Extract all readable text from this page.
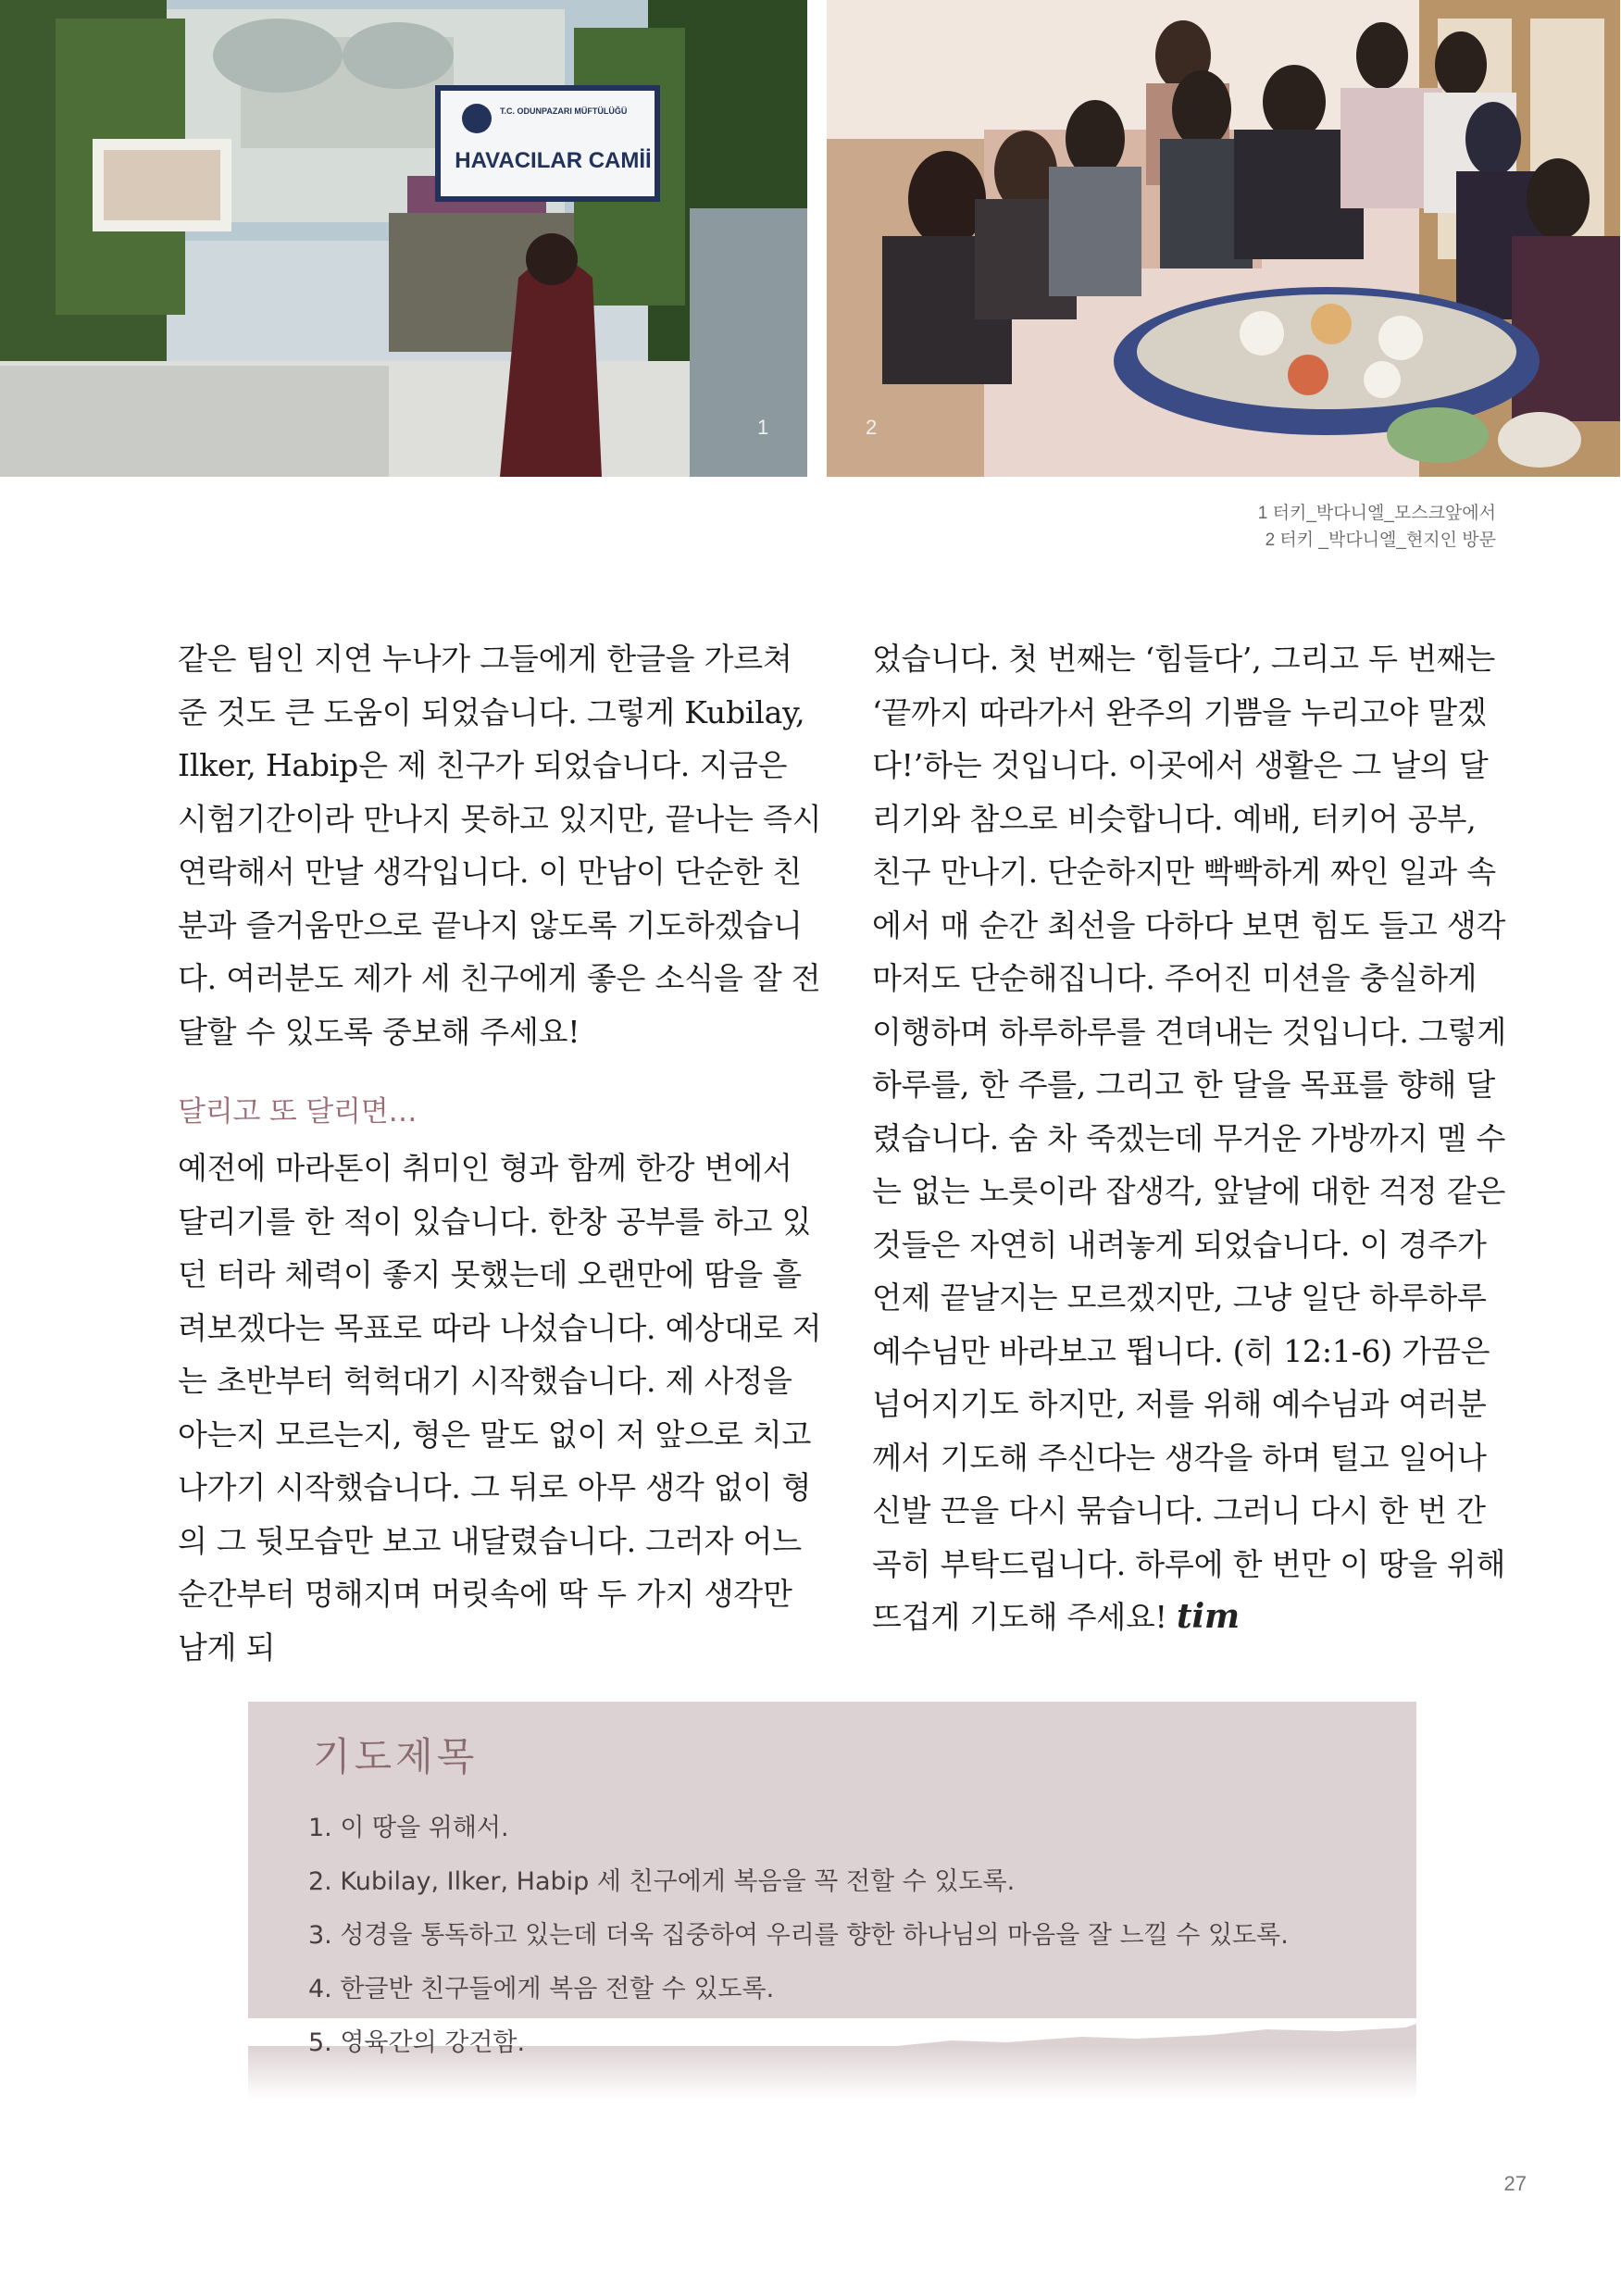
T.C. ODUNPAZARI MÜFTÜLÜĞÜ
HAVACILAR CAMİİ
1	2
1 터키_박다니엘_모스크앞에서
2 터키 _박다니엘_현지인 방문

같은 팀인 지연 누나가 그들에게 한글을 가르쳐 준 것도 큰 도움이 되었습니다. 그렇게 Kubilay, Ilker, Habip은 제 친구가 되었습니다. 지금은 시험기간이라 만나지 못하고 있지만, 끝나는 즉시 연락해서 만날 생각입니다. 이 만남이 단순한 친분과 즐거움만으로 끝나지 않도록 기도하겠습니다. 여러분도 제가 세 친구에게 좋은 소식을 잘 전달할 수 있도록 중보해 주세요!

달리고 또 달리면…

예전에 마라톤이 취미인 형과 함께 한강 변에서 달리기를 한 적이 있습니다. 한창 공부를 하고 있던 터라 체력이 좋지 못했는데 오랜만에 땀을 흘려보겠다는 목표로 따라 나섰습니다. 예상대로 저는 초반부터 헉헉대기 시작했습니다. 제 사정을 아는지 모르는지, 형은 말도 없이 저 앞으로 치고 나가기 시작했습니다. 그 뒤로 아무 생각 없이 형의 그 뒷모습만 보고 내달렸습니다. 그러자 어느 순간부터 멍해지며 머릿속에 딱 두 가지 생각만 남게 되

었습니다. 첫 번째는 ‘힘들다’, 그리고 두 번째는 ‘끝까지 따라가서 완주의 기쁨을 누리고야 말겠다!’하는 것입니다. 이곳에서 생활은 그 날의 달리기와 참으로 비슷합니다. 예배, 터키어 공부, 친구 만나기. 단순하지만 빡빡하게 짜인 일과 속에서 매 순간 최선을 다하다 보면 힘도 들고 생각마저도 단순해집니다. 주어진 미션을 충실하게 이행하며 하루하루를 견뎌내는 것입니다. 그렇게 하루를, 한 주를, 그리고 한 달을 목표를 향해 달렸습니다. 숨 차 죽겠는데 무거운 가방까지 멜 수는 없는 노릇이라 잡생각, 앞날에 대한 걱정 같은 것들은 자연히 내려놓게 되었습니다. 이 경주가 언제 끝날지는 모르겠지만, 그냥 일단 하루하루 예수님만 바라보고 뜁니다. (히 12:1-6) 가끔은 넘어지기도 하지만, 저를 위해 예수님과 여러분께서 기도해 주신다는 생각을 하며 털고 일어나 신발 끈을 다시 묶습니다. 그러니 다시 한 번 간곡히 부탁드립니다. 하루에 한 번만 이 땅을 위해 뜨겁게 기도해 주세요! tim

기도제목
1. 이 땅을 위해서.
2. Kubilay, Ilker, Habip 세 친구에게 복음을 꼭 전할 수 있도록.
3. 성경을 통독하고 있는데 더욱 집중하여 우리를 향한 하나님의 마음을 잘 느낄 수 있도록.
4. 한글반 친구들에게 복음 전할 수 있도록.
5. 영육간의 강건함.
27
